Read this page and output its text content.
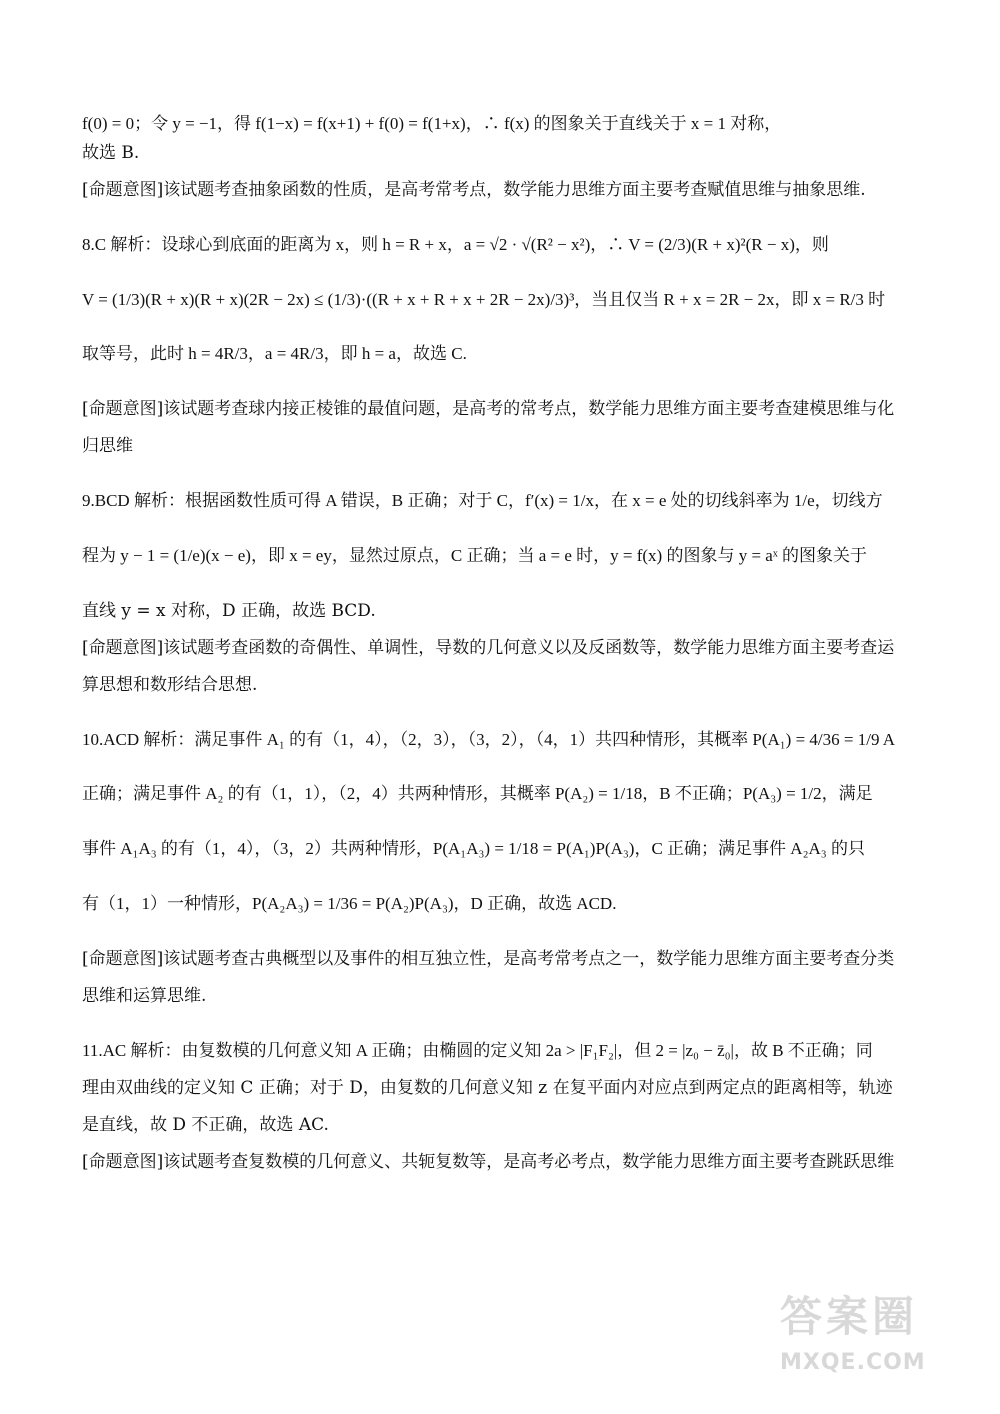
f(0) = 0；令 y = −1，得 f(1−x) = f(x+1) + f(0) = f(1+x)，∴ f(x) 的图象关于直线关于 x = 1 对称，
故选 B.
[命题意图]该试题考查抽象函数的性质，是高考常考点，数学能力思维方面主要考查赋值思维与抽象思维.
8.C 解析：设球心到底面的距离为 x，则 h = R + x，a = √2 · √(R² − x²)，∴ V = (2/3)(R + x)²(R − x)，则
V = (1/3)(R + x)(R + x)(2R − 2x) ≤ (1/3)·((R + x + R + x + 2R − 2x)/3)³，当且仅当 R + x = 2R − 2x，即 x = R/3 时
取等号，此时 h = 4R/3，a = 4R/3，即 h = a，故选 C.
[命题意图]该试题考查球内接正棱锥的最值问题，是高考的常考点，数学能力思维方面主要考查建模思维与化
归思维
9.BCD 解析：根据函数性质可得 A 错误，B 正确；对于 C，f′(x) = 1/x，在 x = e 处的切线斜率为 1/e，切线方
程为 y − 1 = (1/e)(x − e)，即 x = ey，显然过原点，C 正确；当 a = e 时，y = f(x) 的图象与 y = aˣ 的图象关于
直线 y = x 对称，D 正确，故选 BCD.
[命题意图]该试题考查函数的奇偶性、单调性，导数的几何意义以及反函数等，数学能力思维方面主要考查运
算思想和数形结合思想.
10.ACD 解析：满足事件 A₁ 的有（1，4），（2，3），（3，2），（4，1）共四种情形，其概率 P(A₁) = 4/36 = 1/9 A
正确；满足事件 A₂ 的有（1，1），（2，4）共两种情形，其概率 P(A₂) = 1/18，B 不正确；P(A₃) = 1/2，满足
事件 A₁A₃ 的有（1，4），（3，2）共两种情形，P(A₁A₃) = 1/18 = P(A₁)P(A₃)，C 正确；满足事件 A₂A₃ 的只
有（1，1）一种情形，P(A₂A₃) = 1/36 = P(A₂)P(A₃)，D 正确，故选 ACD.
[命题意图]该试题考查古典概型以及事件的相互独立性，是高考常考点之一，数学能力思维方面主要考查分类
思维和运算思维.
11.AC 解析：由复数模的几何意义知 A 正确；由椭圆的定义知 2a > |F₁F₂|，但 2 = |z₀ − z̄₀|，故 B 不正确；同
理由双曲线的定义知 C 正确；对于 D，由复数的几何意义知 z 在复平面内对应点到两定点的距离相等，轨迹
是直线，故 D 不正确，故选 AC.
[命题意图]该试题考查复数模的几何意义、共轭复数等，是高考必考点，数学能力思维方面主要考查跳跃思维
答案圈
MXQE.COM
